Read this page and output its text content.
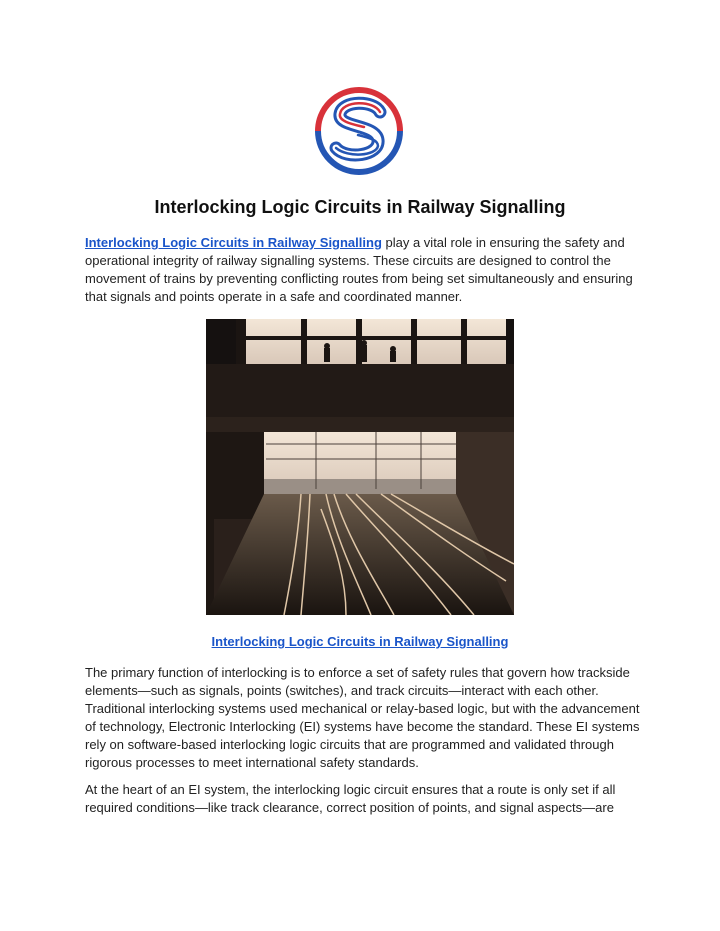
Interlocking Logic Circuits in Railway Signalling

Interlocking Logic Circuits in Railway Signalling play a vital role in ensuring the safety and operational integrity of railway signalling systems. These circuits are designed to control the movement of trains by preventing conflicting routes from being set simultaneously and ensuring that signals and points operate in a safe and coordinated manner.

Interlocking Logic Circuits in Railway Signalling

The primary function of interlocking is to enforce a set of safety rules that govern how trackside elements—such as signals, points (switches), and track circuits—interact with each other. Traditional interlocking systems used mechanical or relay-based logic, but with the advancement of technology, Electronic Interlocking (EI) systems have become the standard. These EI systems rely on software-based interlocking logic circuits that are programmed and validated through rigorous processes to meet international safety standards.

At the heart of an EI system, the interlocking logic circuit ensures that a route is only set if all required conditions—like track clearance, correct position of points, and signal aspects—are
